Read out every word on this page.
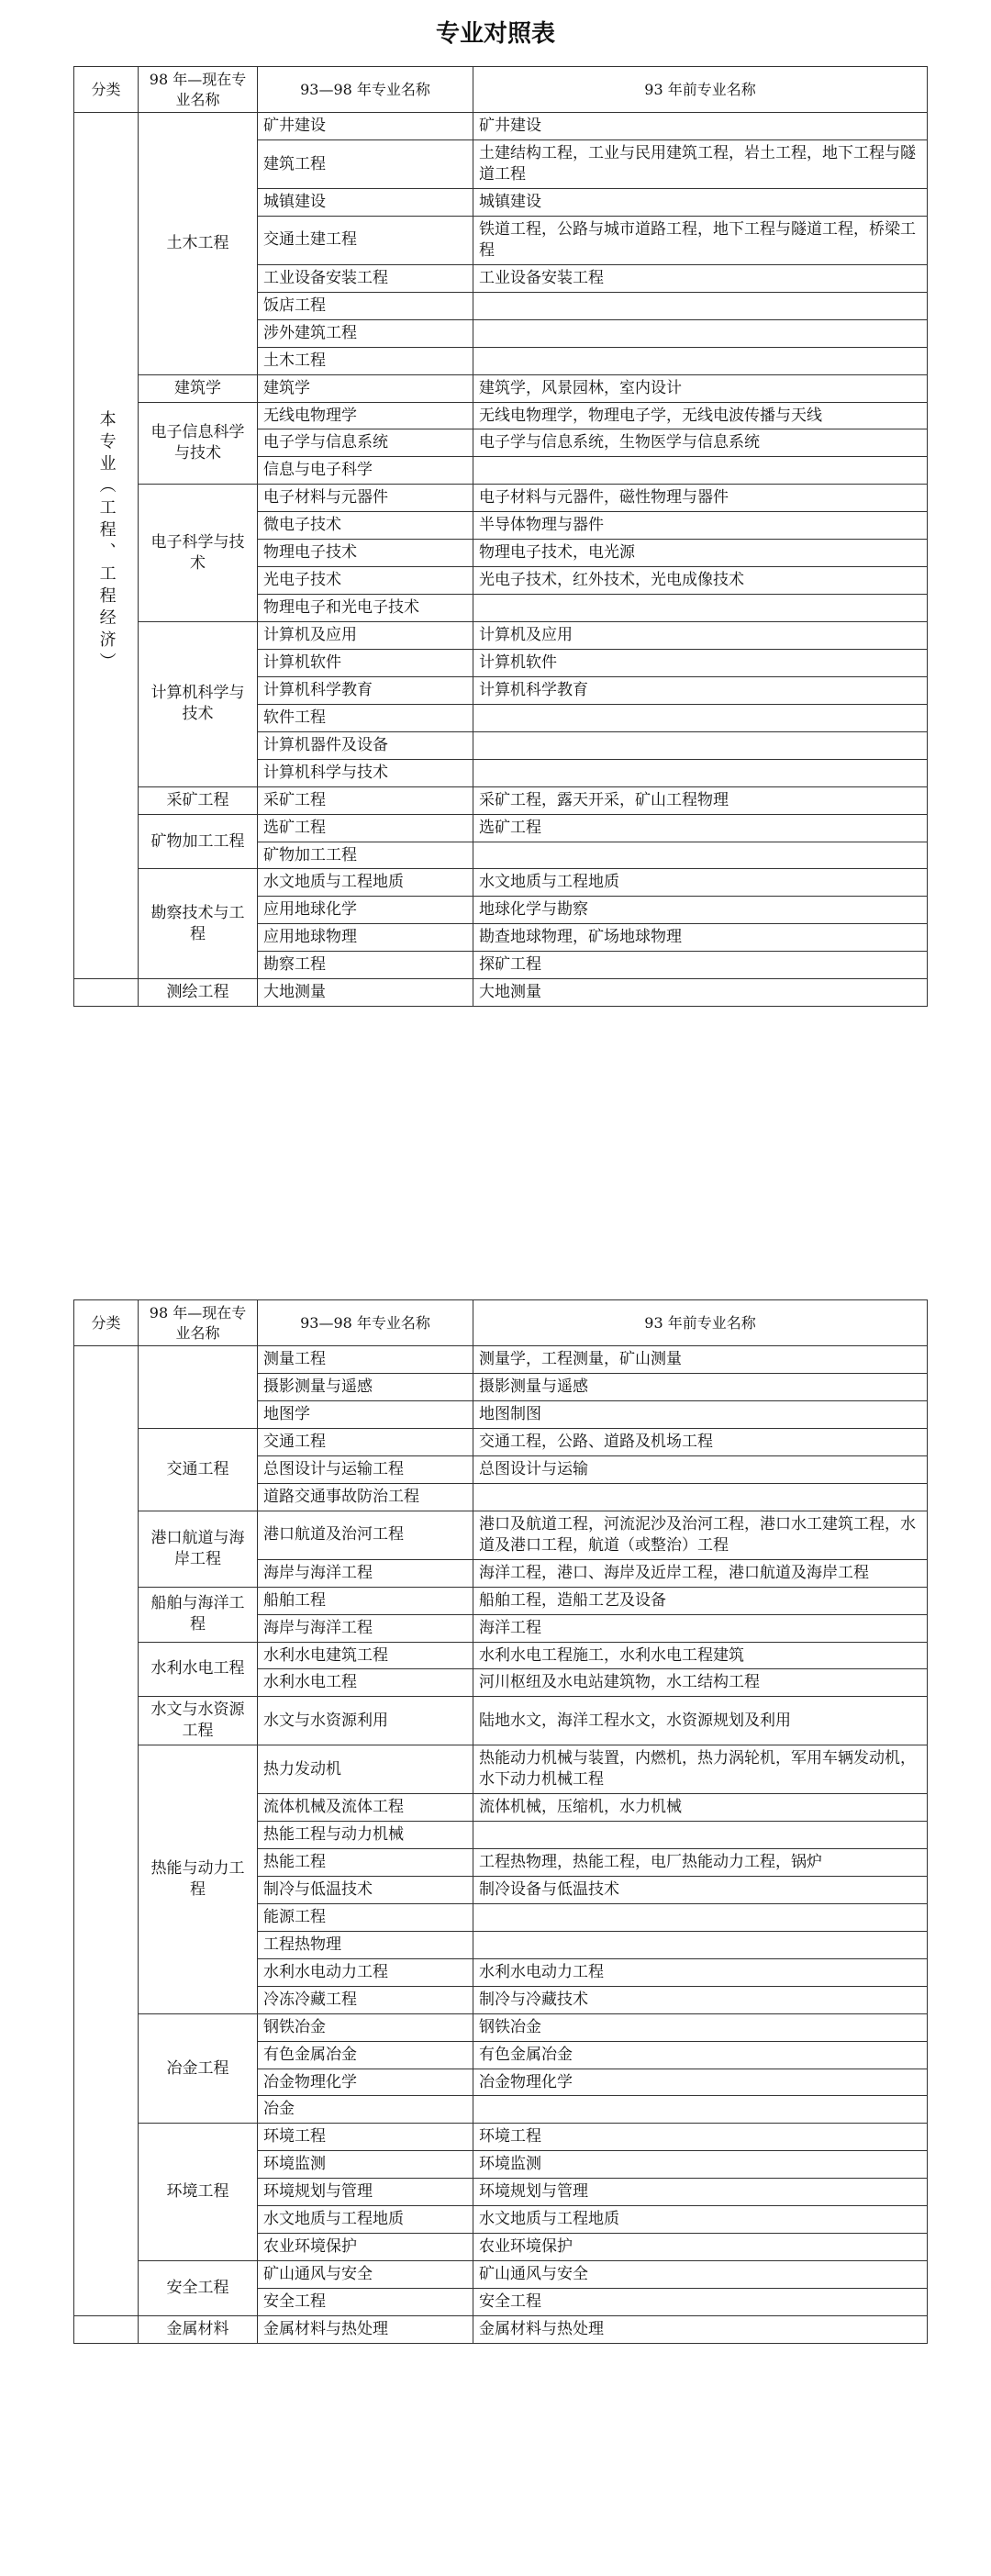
专业对照表
分类	98 年—现在专业名称	93—98 年专业名称	93 年前专业名称
本专业（工程、工程经济）	土木工程	矿井建设	矿井建设
		建筑工程	土建结构工程，工业与民用建筑工程，岩土工程，地下工程与隧道工程
		城镇建设	城镇建设
		交通土建工程	铁道工程，公路与城市道路工程，地下工程与隧道工程，桥梁工程
		工业设备安装工程	工业设备安装工程
		饭店工程	
		涉外建筑工程	
		土木工程	
	建筑学	建筑学	建筑学，风景园林，室内设计
	电子信息科学与技术	无线电物理学	无线电物理学，物理电子学，无线电波传播与天线
		电子学与信息系统	电子学与信息系统，生物医学与信息系统
		信息与电子科学	
	电子科学与技术	电子材料与元器件	电子材料与元器件，磁性物理与器件
		微电子技术	半导体物理与器件
		物理电子技术	物理电子技术，电光源
		光电子技术	光电子技术，红外技术，光电成像技术
		物理电子和光电子技术	
	计算机科学与技术	计算机及应用	计算机及应用
		计算机软件	计算机软件
		计算机科学教育	计算机科学教育
		软件工程	
		计算机器件及设备	
		计算机科学与技术	
	采矿工程	采矿工程	采矿工程，露天开采，矿山工程物理
	矿物加工工程	选矿工程	选矿工程
		矿物加工工程	
	勘察技术与工程	水文地质与工程地质	水文地质与工程地质
		应用地球化学	地球化学与勘察
		应用地球物理	勘查地球物理，矿场地球物理
		勘察工程	探矿工程
	测绘工程	大地测量	大地测量
分类	98 年—现在专业名称	93—98 年专业名称	93 年前专业名称
		测量工程	测量学，工程测量，矿山测量
		摄影测量与遥感	摄影测量与遥感
		地图学	地图制图
	交通工程	交通工程	交通工程，公路、道路及机场工程
		总图设计与运输工程	总图设计与运输
		道路交通事故防治工程	
	港口航道与海岸工程	港口航道及治河工程	港口及航道工程，河流泥沙及治河工程，港口水工建筑工程，水道及港口工程，航道（或整治）工程
		海岸与海洋工程	海洋工程，港口、海岸及近岸工程，港口航道及海岸工程
	船舶与海洋工程	船舶工程	船舶工程，造船工艺及设备
		海岸与海洋工程	海洋工程
	水利水电工程	水利水电建筑工程	水利水电工程施工，水利水电工程建筑
		水利水电工程	河川枢纽及水电站建筑物，水工结构工程
	水文与水资源工程	水文与水资源利用	陆地水文，海洋工程水文，水资源规划及利用
	热能与动力工程	热力发动机	热能动力机械与装置，内燃机，热力涡轮机，军用车辆发动机，水下动力机械工程
		流体机械及流体工程	流体机械，压缩机，水力机械
		热能工程与动力机械	
		热能工程	工程热物理，热能工程，电厂热能动力工程，锅炉
		制冷与低温技术	制冷设备与低温技术
		能源工程	
		工程热物理	
		水利水电动力工程	水利水电动力工程
		冷冻冷藏工程	制冷与冷藏技术
	冶金工程	钢铁冶金	钢铁冶金
		有色金属冶金	有色金属冶金
		冶金物理化学	冶金物理化学
		冶金	
	环境工程	环境工程	环境工程
		环境监测	环境监测
		环境规划与管理	环境规划与管理
		水文地质与工程地质	水文地质与工程地质
		农业环境保护	农业环境保护
	安全工程	矿山通风与安全	矿山通风与安全
		安全工程	安全工程
	金属材料	金属材料与热处理	金属材料与热处理
